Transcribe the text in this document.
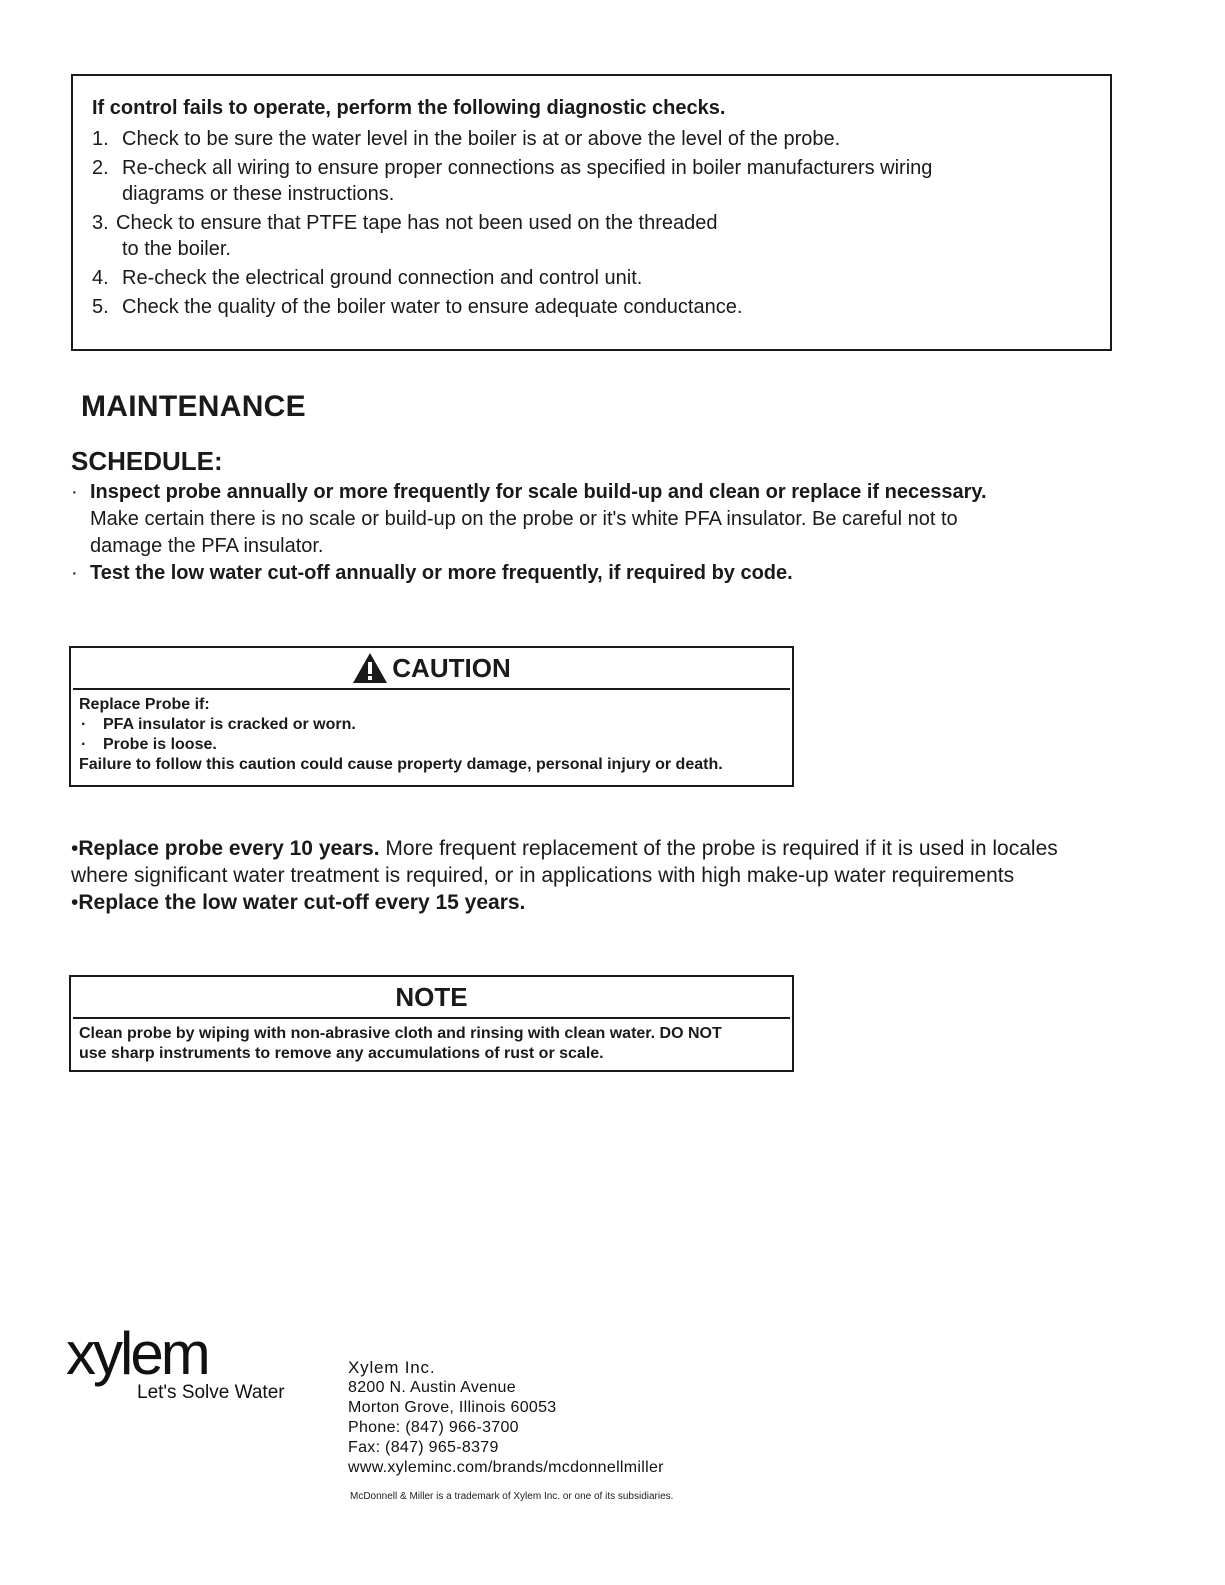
If control fails to operate, perform the following diagnostic checks.
1. Check to be sure the water level in the boiler is at or above the level of the probe.
2. Re-check all wiring to ensure proper connections as specified in boiler manufacturers wiring
diagrams or these instructions.
3. Check to ensure that PTFE tape has not been used on the threaded
to the boiler.
4. Re-check the electrical ground connection and control unit.
5. Check the quality of the boiler water to ensure adequate conductance.
MAINTENANCE
SCHEDULE:
· Inspect probe annually or more frequently for scale build-up and clean or replace if necessary.
Make certain there is no scale or build-up on the probe or it's white PFA insulator. Be careful not to
damage the PFA insulator.
· Test the low water cut-off annually or more frequently, if required by code.
CAUTION
Replace Probe if:
· PFA insulator is cracked or worn.
· Probe is loose.
Failure to follow this caution could cause property damage, personal injury or death.
•Replace probe every 10 years. More frequent replacement of the probe is required if it is used in locales
where significant water treatment is required, or in applications with high make-up water requirements
•Replace the low water cut-off every 15 years.
NOTE
Clean probe by wiping with non-abrasive cloth and rinsing with clean water. DO NOT
use sharp instruments to remove any accumulations of rust or scale.
xylem
Let's Solve Water
Xylem Inc.
8200 N. Austin Avenue
Morton Grove, Illinois 60053
Phone: (847) 966-3700
Fax: (847) 965-8379
www.xyleminc.com/brands/mcdonnellmiller
McDonnell & Miller is a trademark of Xylem Inc. or one of its subsidiaries.
